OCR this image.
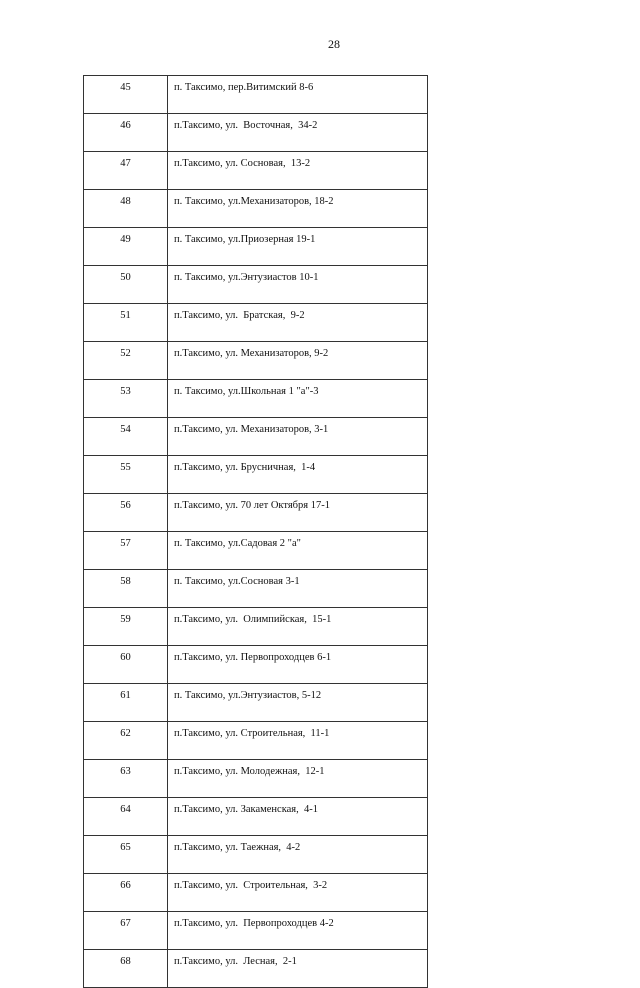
28
45	п. Таксимо, пер.Витимский 8-6
46	п.Таксимо, ул.  Восточная,  34-2
47	п.Таксимо, ул. Сосновая,  13-2
48	п. Таксимо, ул.Механизаторов, 18-2
49	п. Таксимо, ул.Приозерная 19-1
50	п. Таксимо, ул.Энтузиастов 10-1
51	п.Таксимо, ул.  Братская,  9-2
52	п.Таксимо, ул. Механизаторов, 9-2
53	п. Таксимо, ул.Школьная 1 "а"-3
54	п.Таксимо, ул. Механизаторов, 3-1
55	п.Таксимо, ул. Брусничная,  1-4
56	п.Таксимо, ул. 70 лет Октября 17-1
57	п. Таксимо, ул.Садовая 2 "а"
58	п. Таксимо, ул.Сосновая 3-1
59	п.Таксимо, ул.  Олимпийская,  15-1
60	п.Таксимо, ул. Первопроходцев 6-1
61	п. Таксимо, ул.Энтузиастов, 5-12
62	п.Таксимо, ул. Строительная,  11-1
63	п.Таксимо, ул. Молодежная,  12-1
64	п.Таксимо, ул. Закаменская,  4-1
65	п.Таксимо, ул. Таежная,  4-2
66	п.Таксимо, ул.  Строительная,  3-2
67	п.Таксимо, ул.  Первопроходцев 4-2
68	п.Таксимо, ул.  Лесная,  2-1
